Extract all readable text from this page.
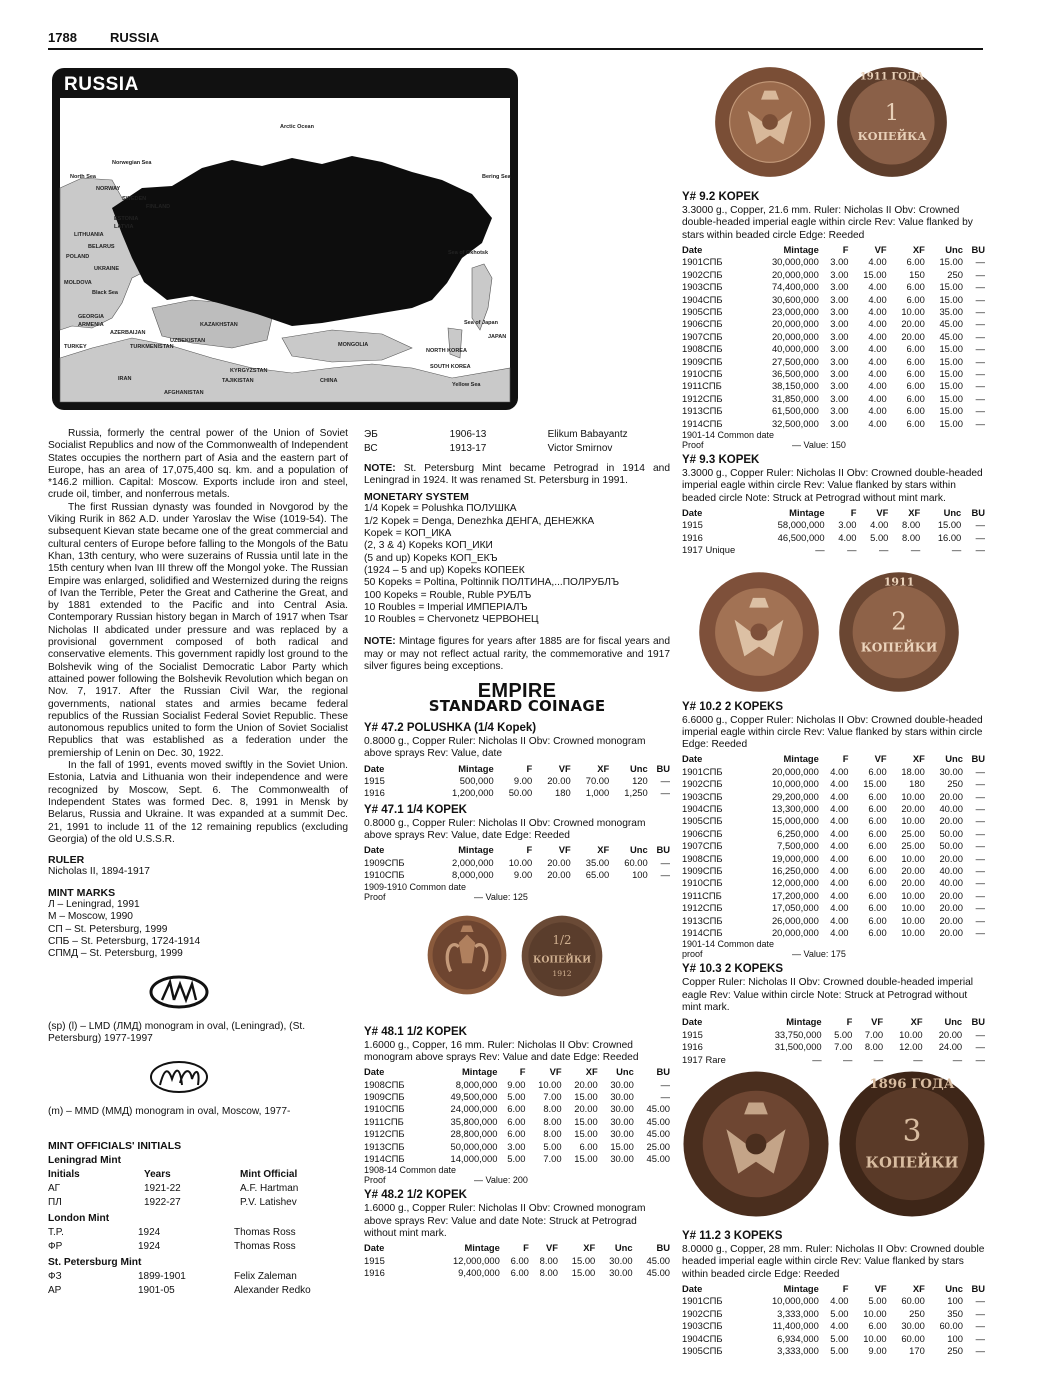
1788	RUSSIA
RUSSIA
Arctic Ocean
Norwegian Sea
North Sea
NORWAY
SWEDEN
FINLAND
ESTONIA
LATVIA
LITHUANIA
BELARUS
POLAND
UKRAINE
MOLDOVA
Black Sea
GEORGIA
ARMENIA
AZERBAIJAN
TURKEY	TURKMENISTAN
UZBEKISTAN
KAZAKHSTAN
KYRGYZSTAN
TAJIKISTAN
IRAN
AFGHANISTAN
MONGOLIA
CHINA
Sea of Okhotsk
Bering Sea
Sea of Japan
NORTH KOREA
SOUTH KOREA
Yellow Sea
JAPAN

Russia, formerly the central power of the Union of Soviet Socialist Republics and now of the Commonwealth of Independent States occupies the northern part of Asia and the eastern part of Europe, has an area of 17,075,400 sq. km. and a population of *146.2 million. Capital: Moscow. Exports include iron and steel, crude oil, timber, and nonferrous metals.

The first Russian dynasty was founded in Novgorod by the Viking Rurik in 862 A.D. under Yaroslav the Wise (1019-54). The subsequent Kievan state became one of the great commercial and cultural centers of Europe before falling to the Mongols of the Batu Khan, 13th century, who were suzerains of Russia until late in the 15th century when Ivan III threw off the Mongol yoke. The Russian Empire was enlarged, solidified and Westernized during the reigns of Ivan the Terrible, Peter the Great and Catherine the Great, and by 1881 extended to the Pacific and into Central Asia. Contemporary Russian history began in March of 1917 when Tsar Nicholas II abdicated under pressure and was replaced by a provisional government composed of both radical and conservative elements. This government rapidly lost ground to the Bolshevik wing of the Socialist Democratic Labor Party which attained power following the Bolshevik Revolution which began on Nov. 7, 1917. After the Russian Civil War, the regional governments, national states and armies became federal republics of the Russian Socialist Federal Soviet Republic. These autonomous republics united to form the Union of Soviet Socialist Republics that was established as a federation under the premiership of Lenin on Dec. 30, 1922.

In the fall of 1991, events moved swiftly in the Soviet Union. Estonia, Latvia and Lithuania won their independence and were recognized by Moscow, Sept. 6. The Commonwealth of Independent States was formed Dec. 8, 1991 in Mensk by Belarus, Russia and Ukraine. It was expanded at a summit Dec. 21, 1991 to include 11 of the 12 remaining republics (excluding Georgia) of the old U.S.S.R.

RULER
Nicholas II, 1894-1917
MINT MARKS
Л – Leningrad, 1991
М – Moscow, 1990
СП – St. Petersburg, 1999
СПБ – St. Petersburg, 1724-1914
СПМД – St. Petersburg, 1999
(sp) (l) – LMD (ЛМД) monogram in oval, (Leningrad), (St. Petersburg) 1977-1997
(m) – MMD (ММД) monogram in oval, Moscow, 1977-
MINT OFFICIALS' INITIALS
Leningrad Mint
Initials	Years	Mint Official
АГ	1921-22	A.F. Hartman
ПЛ	1922-27	P.V. Latishev
London Mint
T.P.	1924	Thomas Ross
ФР	1924	Thomas Ross
St. Petersburg Mint
ФЗ	1899-1901	Felix Zaleman
АР	1901-05	Alexander Redko
ЭБ	1906-13	Elikum Babayantz
ВС	1913-17	Victor Smirnov

NOTE: St. Petersburg Mint became Petrograd in 1914 and Leningrad in 1924. It was renamed St. Petersburg in 1991.

MONETARY SYSTEM
1/4 Kopek = Polushka ПОЛУШКА
1/2 Kopek = Denga, Denezhka ДЕНГА, ДЕНЕЖКА
Kopek = КОП_ИКА
(2, 3 & 4) Kopeks КОП_ИКИ
(5 and up) Kopeks КОП_ЕКЪ
(1924 – 5 and up) Kopeks КОПЕЕК
50 Kopeks = Poltina, Poltinnik ПОЛТИНА,...ПОЛРУБЛЪ
100 Kopeks = Rouble, Ruble РУБЛЪ
10 Roubles = Imperial ИМПЕРIАЛЪ
10 Roubles = Chervonetz ЧЕРВОНЕЦ

NOTE: Mintage figures for years after 1885 are for fiscal years and may or may not reflect actual rarity, the commemorative and 1917 silver figures being exceptions.

EMPIRE
STANDARD COINAGE
Y# 47.2 POLUSHKA (1/4 Kopek)
0.8000 g., Copper Ruler: Nicholas II Obv: Crowned monogram above sprays Rev: Value, date
Date	Mintage	F	VF	XF	Unc	BU
1915	500,000	9.00	20.00	70.00	120	—
1916	1,200,000	50.00	180	1,000	1,250	—
Y# 47.1 1/4 KOPEK
0.8000 g., Copper Ruler: Nicholas II Obv: Crowned monogram above sprays Rev: Value, date Edge: Reeded
Date	Mintage	F	VF	XF	Unc	BU
1909СПБ	2,000,000	10.00	20.00	35.00	60.00	—
1910СПБ	8,000,000	9.00	20.00	65.00	100	—
1909-1910 Common date Proof	— Value: 125
1/2
КОПЕЙКИ
1912
Y# 48.1 1/2 KOPEK
1.6000 g., Copper, 16 mm. Ruler: Nicholas II Obv: Crowned monogram above sprays Rev: Value and date Edge: Reeded
Date	Mintage	F	VF	XF	Unc	BU
1908СПБ	8,000,000	9.00	10.00	20.00	30.00	—
1909СПБ	49,500,000	5.00	7.00	15.00	30.00	—
1910СПБ	24,000,000	6.00	8.00	20.00	30.00	45.00
1911СПБ	35,800,000	6.00	8.00	15.00	30.00	45.00
1912СПБ	28,800,000	6.00	8.00	15.00	30.00	45.00
1913СПБ	50,000,000	3.00	5.00	6.00	15.00	25.00
1914СПБ	14,000,000	5.00	7.00	15.00	30.00	45.00
1908-14 Common date Proof	— Value: 200
Y# 48.2 1/2 KOPEK
1.6000 g., Copper Ruler: Nicholas II Obv: Crowned monogram above sprays Rev: Value and date Note: Struck at Petrograd without mint mark.
Date	Mintage	F	VF	XF	Unc	BU
1915	12,000,000	6.00	8.00	15.00	30.00	45.00
1916	9,400,000	6.00	8.00	15.00	30.00	45.00
1911 ГОДА
1
КОПЕЙКА
Y# 9.2 KOPEK
3.3000 g., Copper, 21.6 mm. Ruler: Nicholas II Obv: Crowned double-headed imperial eagle within circle Rev: Value flanked by stars within beaded circle Edge: Reeded
Date	Mintage	F	VF	XF	Unc	BU
1901СПБ	30,000,000	3.00	4.00	6.00	15.00	—
1902СПБ	20,000,000	3.00	15.00	150	250	—
1903СПБ	74,400,000	3.00	4.00	6.00	15.00	—
1904СПБ	30,600,000	3.00	4.00	6.00	15.00	—
1905СПБ	23,000,000	3.00	4.00	10.00	35.00	—
1906СПБ	20,000,000	3.00	4.00	20.00	45.00	—
1907СПБ	20,000,000	3.00	4.00	20.00	45.00	—
1908СПБ	40,000,000	3.00	4.00	6.00	15.00	—
1909СПБ	27,500,000	3.00	4.00	6.00	15.00	—
1910СПБ	36,500,000	3.00	4.00	6.00	15.00	—
1911СПБ	38,150,000	3.00	4.00	6.00	15.00	—
1912СПБ	31,850,000	3.00	4.00	6.00	15.00	—
1913СПБ	61,500,000	3.00	4.00	6.00	15.00	—
1914СПБ	32,500,000	3.00	4.00	6.00	15.00	—
1901-14 Common date Proof	— Value: 150
Y# 9.3 KOPEK
3.3000 g., Copper Ruler: Nicholas II Obv: Crowned double-headed imperial eagle within circle Rev: Value flanked by stars within beaded circle Note: Struck at Petrograd without mint mark.
Date	Mintage	F	VF	XF	Unc	BU
1915	58,000,000	3.00	4.00	8.00	15.00	—
1916	46,500,000	4.00	5.00	8.00	16.00	—
1917 Unique	—	—	—	—	—	—
1911
2
КОПЕЙКИ
Y# 10.2 2 KOPEKS
6.6000 g., Copper Ruler: Nicholas II Obv: Crowned double-headed imperial eagle within circle Rev: Value flanked by stars within circle Edge: Reeded
Date	Mintage	F	VF	XF	Unc	BU
1901СПБ	20,000,000	4.00	6.00	18.00	30.00	—
1902СПБ	10,000,000	4.00	15.00	180	250	—
1903СПБ	29,200,000	4.00	6.00	10.00	20.00	—
1904СПБ	13,300,000	4.00	6.00	20.00	40.00	—
1905СПБ	15,000,000	4.00	6.00	10.00	20.00	—
1906СПБ	6,250,000	4.00	6.00	25.00	50.00	—
1907СПБ	7,500,000	4.00	6.00	25.00	50.00	—
1908СПБ	19,000,000	4.00	6.00	10.00	20.00	—
1909СПБ	16,250,000	4.00	6.00	20.00	40.00	—
1910СПБ	12,000,000	4.00	6.00	20.00	40.00	—
1911СПБ	17,200,000	4.00	6.00	10.00	20.00	—
1912СПБ	17,050,000	4.00	6.00	10.00	20.00	—
1913СПБ	26,000,000	4.00	6.00	10.00	20.00	—
1914СПБ	20,000,000	4.00	6.00	10.00	20.00	—
1901-14 Common date proof	— Value: 175
Y# 10.3 2 KOPEKS
Copper Ruler: Nicholas II Obv: Crowned double-headed imperial eagle Rev: Value within circle Note: Struck at Petrograd without mint mark.
Date	Mintage	F	VF	XF	Unc	BU
1915	33,750,000	5.00	7.00	10.00	20.00	—
1916	31,500,000	7.00	8.00	12.00	24.00	—
1917 Rare	—	—	—	—	—	—
1896 ГОДА
3
КОПЕЙКИ
Y# 11.2 3 KOPEKS
8.0000 g., Copper, 28 mm. Ruler: Nicholas II Obv: Crowned double headed imperial eagle within circle Rev: Value flanked by stars within beaded circle Edge: Reeded
Date	Mintage	F	VF	XF	Unc	BU
1901СПБ	10,000,000	4.00	5.00	60.00	100	—
1902СПБ	3,333,000	5.00	10.00	250	350	—
1903СПБ	11,400,000	4.00	6.00	30.00	60.00	—
1904СПБ	6,934,000	5.00	10.00	60.00	100	—
1905СПБ	3,333,000	5.00	9.00	170	250	—
